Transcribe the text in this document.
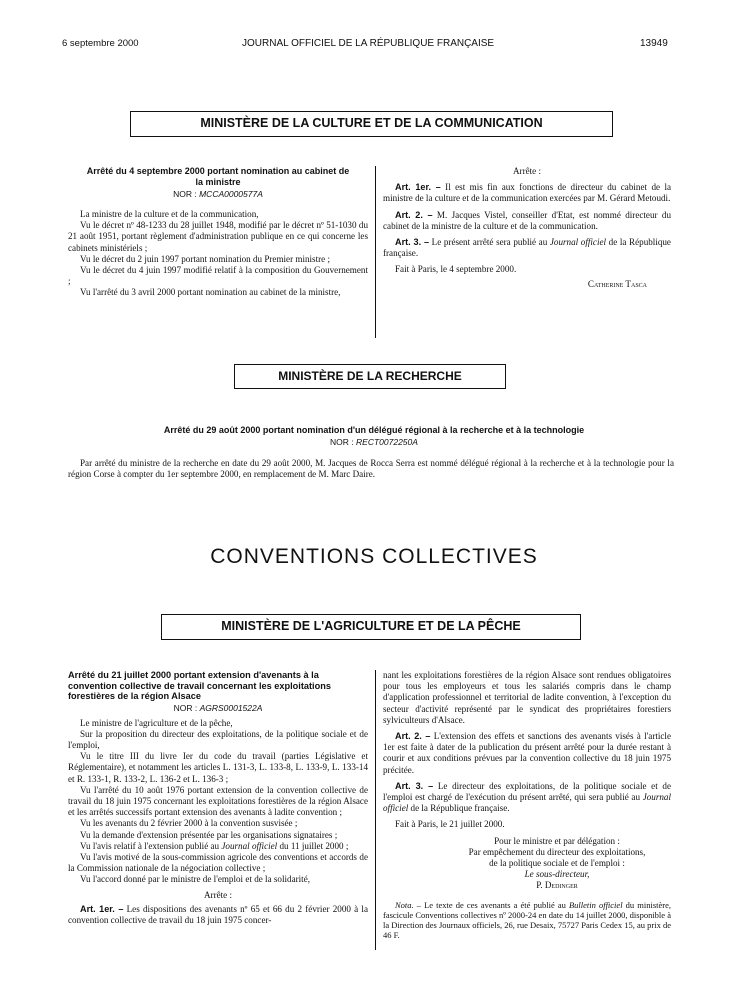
6 septembre 2000	JOURNAL OFFICIEL DE LA RÉPUBLIQUE FRANÇAISE	13949
MINISTÈRE DE LA CULTURE ET DE LA COMMUNICATION
Arrêté du 4 septembre 2000 portant nomination au cabinet de la ministre
NOR : MCCA0000577A

La ministre de la culture et de la communication,

Vu le décret nº 48-1233 du 28 juillet 1948, modifié par le décret nº 51-1030 du 21 août 1951, portant règlement d'administration publique en ce qui concerne les cabinets ministériels ;

Vu le décret du 2 juin 1997 portant nomination du Premier ministre ;

Vu le décret du 4 juin 1997 modifié relatif à la composition du Gouvernement ;

Vu l'arrêté du 3 avril 2000 portant nomination au cabinet de la ministre,

Arrête :

Art. 1er. – Il est mis fin aux fonctions de directeur du cabinet de la ministre de la culture et de la communication exercées par M. Gérard Metoudi.

Art. 2. – M. Jacques Vistel, conseiller d'Etat, est nommé directeur du cabinet de la ministre de la culture et de la communication.

Art. 3. – Le présent arrêté sera publié au Journal officiel de la République française.

Fait à Paris, le 4 septembre 2000.

Catherine Tasca

MINISTÈRE DE LA RECHERCHE
Arrêté du 29 août 2000 portant nomination d'un délégué régional à la recherche et à la technologie
NOR : RECT0072250A

Par arrêté du ministre de la recherche en date du 29 août 2000, M. Jacques de Rocca Serra est nommé délégué régional à la recherche et à la technologie pour la région Corse à compter du 1er septembre 2000, en remplacement de M. Marc Daire.

CONVENTIONS COLLECTIVES
MINISTÈRE DE L'AGRICULTURE ET DE LA PÊCHE
Arrêté du 21 juillet 2000 portant extension d'avenants à la convention collective de travail concernant les exploitations forestières de la région Alsace
NOR : AGRS0001522A

Le ministre de l'agriculture et de la pêche,

Sur la proposition du directeur des exploitations, de la politique sociale et de l'emploi,

Vu le titre III du livre Ier du code du travail (parties Législative et Réglementaire), et notamment les articles L. 131-3, L. 133-8, L. 133-9, L. 133-14 et R. 133-1, R. 133-2, L. 136-2 et L. 136-3 ;

Vu l'arrêté du 10 août 1976 portant extension de la convention collective de travail du 18 juin 1975 concernant les exploitations forestières de la région Alsace et les arrêtés successifs portant extension des avenants à ladite convention ;

Vu les avenants du 2 février 2000 à la convention susvisée ;

Vu la demande d'extension présentée par les organisations signataires ;

Vu l'avis relatif à l'extension publié au Journal officiel du 11 juillet 2000 ;

Vu l'avis motivé de la sous-commission agricole des conventions et accords de la Commission nationale de la négociation collective ;

Vu l'accord donné par le ministre de l'emploi et de la solidarité,

Arrête :

Art. 1er. – Les dispositions des avenants nº 65 et 66 du 2 février 2000 à la convention collective de travail du 18 juin 1975 concer-

nant les exploitations forestières de la région Alsace sont rendues obligatoires pour tous les employeurs et tous les salariés compris dans le champ d'application professionnel et territorial de ladite convention, à l'exception du secteur d'activité représenté par le syndicat des propriétaires forestiers sylviculteurs d'Alsace.

Art. 2. – L'extension des effets et sanctions des avenants visés à l'article 1er est faite à dater de la publication du présent arrêté pour la durée restant à courir et aux conditions prévues par la convention collective du 18 juin 1975 précitée.

Art. 3. – Le directeur des exploitations, de la politique sociale et de l'emploi est chargé de l'exécution du présent arrêté, qui sera publié au Journal officiel de la République française.

Fait à Paris, le 21 juillet 2000.

Pour le ministre et par délégation :
Par empêchement du directeur des exploitations,
de la politique sociale et de l'emploi :
Le sous-directeur,
P. Dedinger

Nota. – Le texte de ces avenants a été publié au Bulletin officiel du ministère, fascicule Conventions collectives nº 2000-24 en date du 14 juillet 2000, disponible à la Direction des Journaux officiels, 26, rue Desaix, 75727 Paris Cedex 15, au prix de 46 F.
